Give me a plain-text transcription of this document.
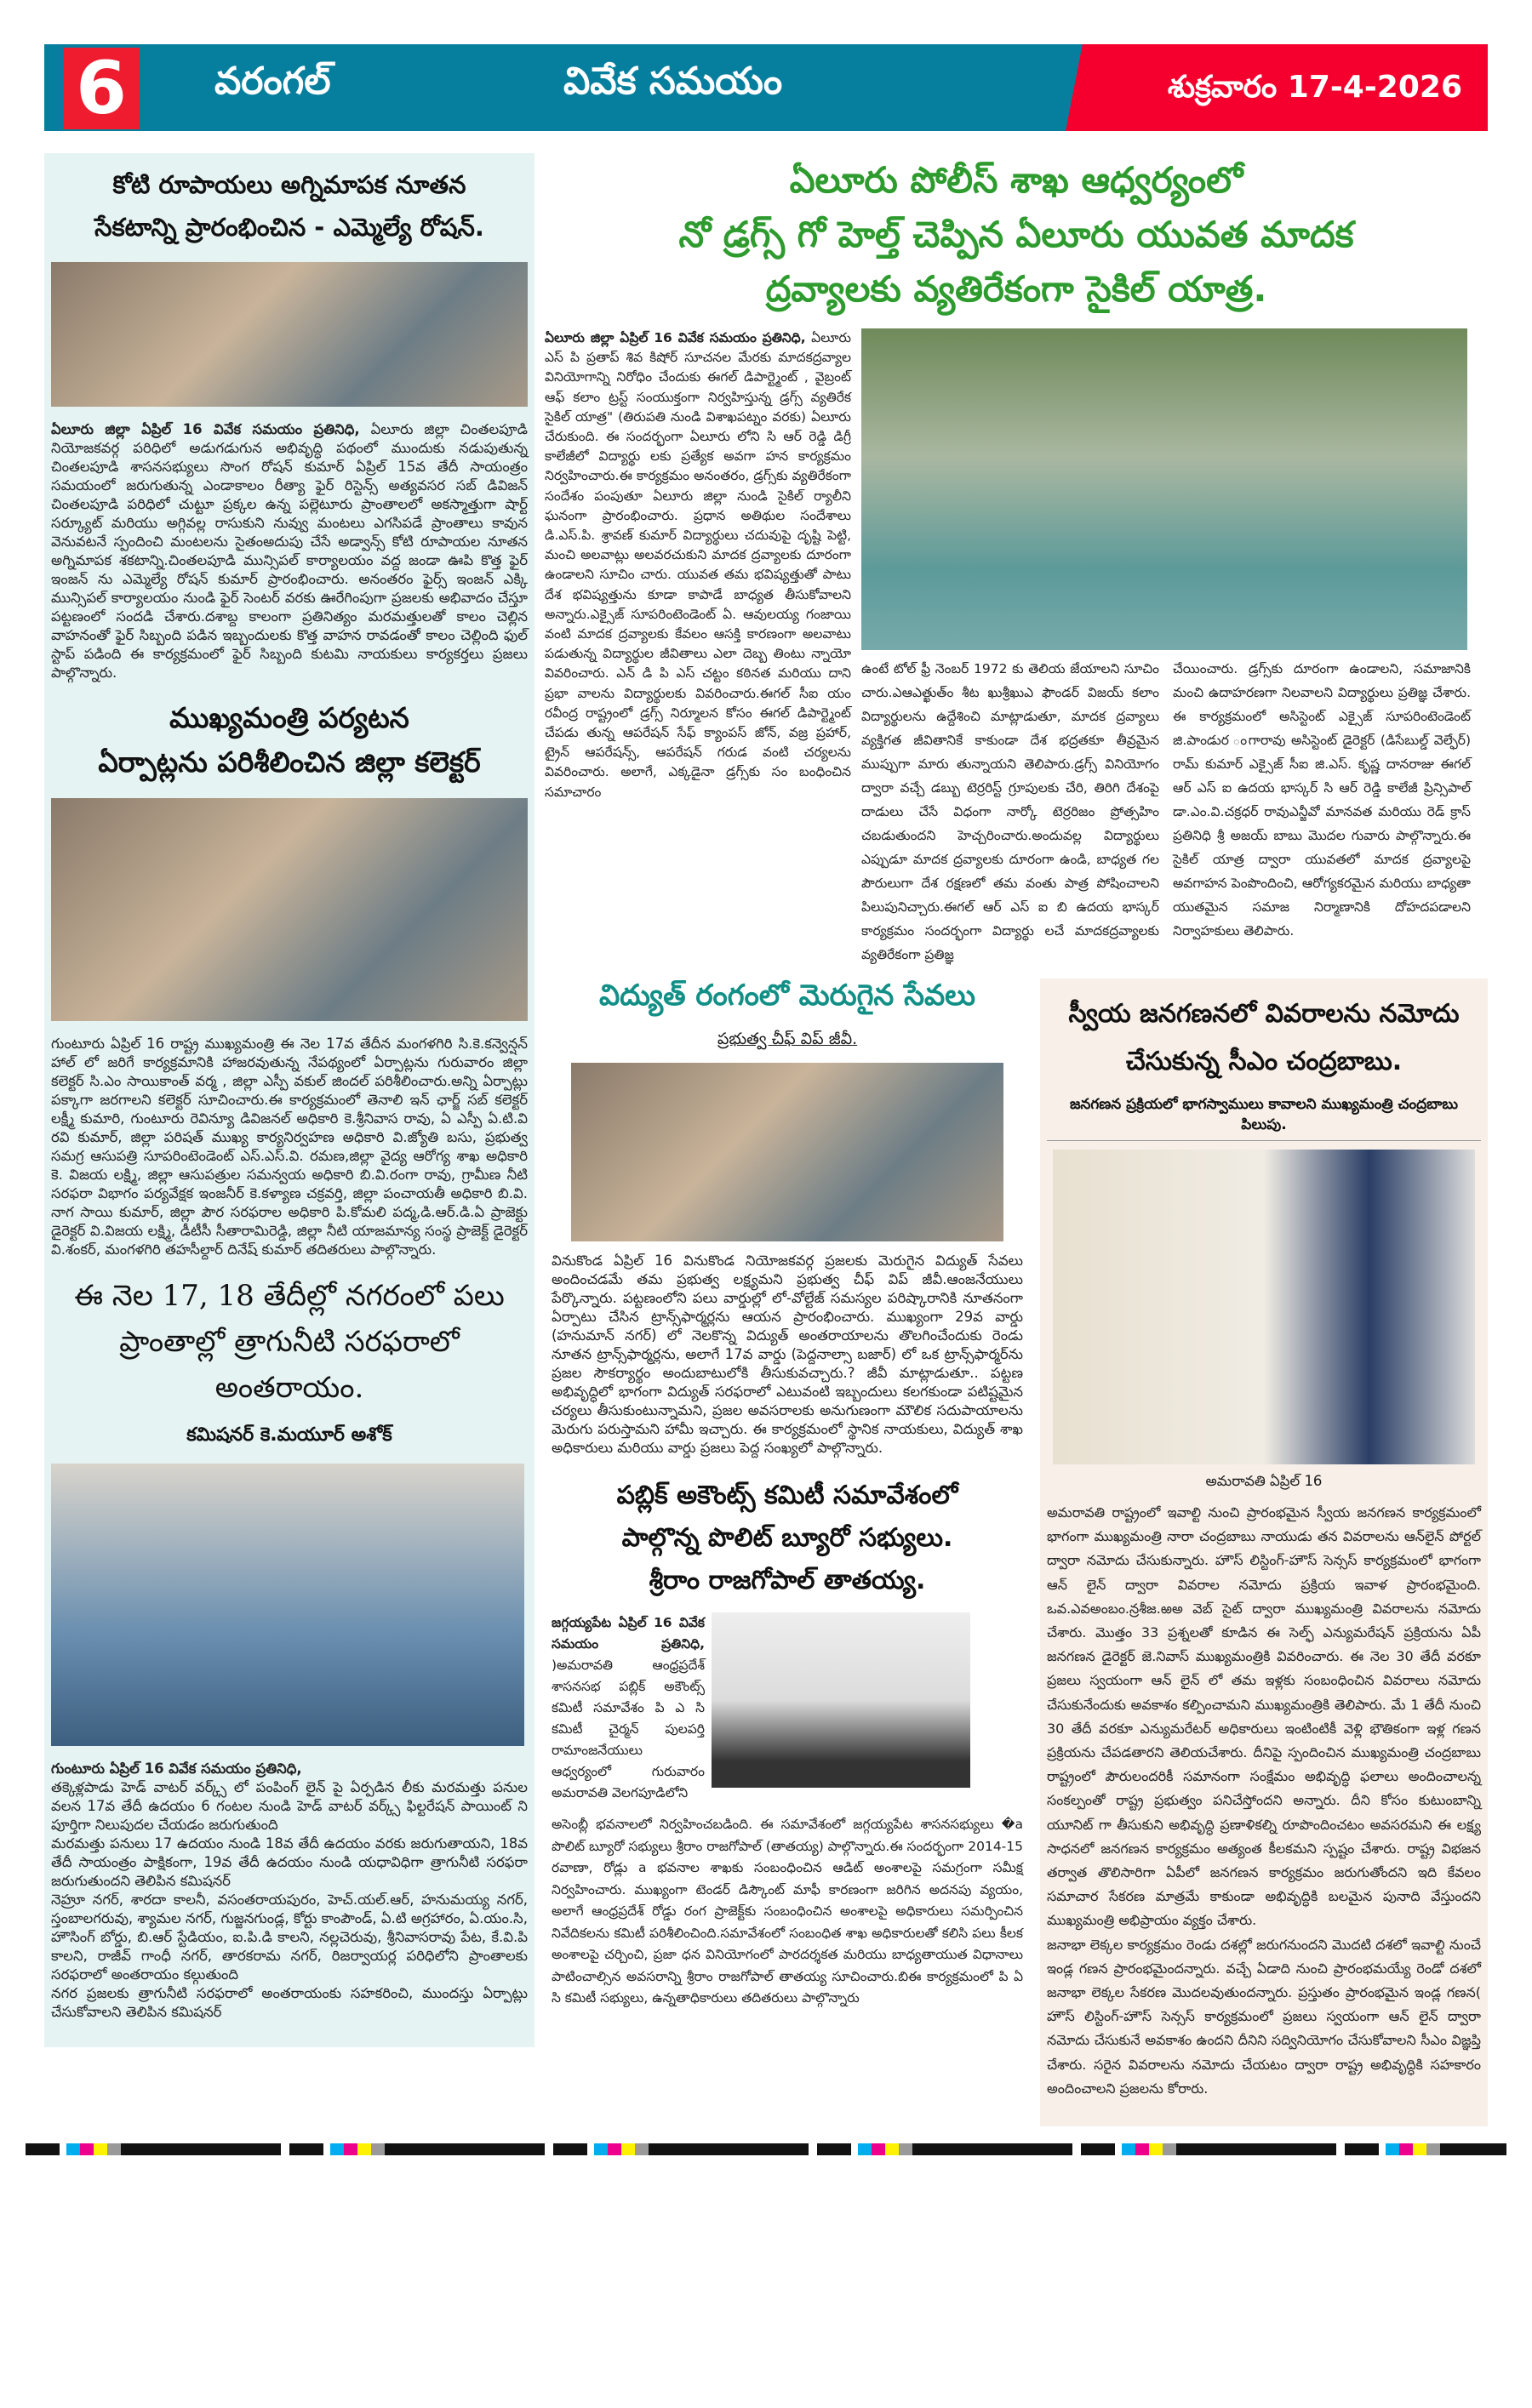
6	వరంగల్	వివేక సమయం	శుక్రవారం 17-4-2026
కోటి రూపాయలు అగ్నిమాపక నూతన
సేకటాన్ని ప్రారంభించిన - ఎమ్మెల్యే రోషన్.
ఏలూరు జిల్లా ఏప్రిల్ 16 వివేక సమయం ప్రతినిధి, ఏలూరు జిల్లా చింతలపూడి నియోజకవర్గ పరిధిలో అడుగడుగున అభివృద్ధి పథంలో ముందుకు నడుపుతున్న చింతలపూడి శాసనసభ్యులు సొంగ రోషన్ కుమార్ ఏప్రిల్ 15వ తేదీ సాయంత్రం సమయంలో జరుగుతున్న ఎండాకాలం రీత్యా ఫైర్ రిస్టెన్స్ అత్యవసర సబ్ డివిజన్ చింతలపూడి పరిధిలో చుట్టూ ప్రక్కల ఉన్న పల్లెటూరు ప్రాంతాలలో అకస్మాత్తుగా షార్ట్ సర్క్యూట్ మరియు అగ్గివల్ల రాసుకుని నువ్వు మంటలు ఎగసిపడే ప్రాంతాలు కావున వెనువటనే స్పందించి మంటలను సైతంఅదుపు చేసే అడ్వాన్స్ కోటి రూపాయల నూతన అగ్నిమాపక శకటాన్ని.చింతలపూడి మున్సిపల్ కార్యాలయం వద్ద జండా ఊపి కొత్త ఫైర్ ఇంజన్ ను ఎమ్మెల్యే రోషన్ కుమార్ ప్రారంభించారు. అనంతరం ఫైర్స్ ఇంజన్ ఎక్కి మున్సిపల్ కార్యాలయం నుండి ఫైర్ సెంటర్ వరకు ఊరేగింపుగా ప్రజలకు అభివాదం చేస్తూ పట్టణంలో సందడి చేశారు.దశాబ్ద కాలంగా ప్రతినిత్యం మరమత్తులతో కాలం చెల్లిన వాహనంతో ఫైర్ సిబ్బంది పడిన ఇబ్బందులకు కొత్త వాహన రావడంతో కాలం చెల్లింది ఫుల్ స్టాప్ పడింది ఈ కార్యక్రమంలో ఫైర్ సిబ్బంది కుటమి నాయకులు కార్యకర్తలు ప్రజలు పాల్గొన్నారు.
ముఖ్యమంత్రి పర్యటన
ఏర్పాట్లను పరిశీలించిన జిల్లా కలెక్టర్
గుంటూరు ఏప్రిల్ 16 రాష్ట్ర ముఖ్యమంత్రి ఈ నెల 17వ తేదీన మంగళగిరి సి.కె.కన్వెన్షన్ హాల్ లో జరిగే కార్యక్రమానికి హాజరవుతున్న నేపథ్యంలో ఏర్పాట్లను గురువారం జిల్లా కలెక్టర్ సి.ఎం సాయికాంత్ వర్మ , జిల్లా ఎస్పీ వకుల్ జిందల్ పరిశీలించారు.అన్ని ఏర్పాట్లు పక్కాగా జరగాలని కలెక్టర్ సూచించారు.ఈ కార్యక్రమంలో తెనాలి ఇన్ ఛార్జ్ సబ్ కలెక్టర్ లక్ష్మీ కుమారి, గుంటూరు రెవిన్యూ డివిజనల్ అధికారి కె.శ్రీనివాస రావు, ఏ ఎస్పీ ఏ.టి.వి రవి కుమార్, జిల్లా పరిషత్ ముఖ్య కార్యనిర్వహణ అధికారి వి.జ్యోతి బసు, ప్రభుత్వ సమగ్ర ఆసుపత్రి సూపరింటెండెంట్ ఎస్.ఎస్.వి. రమణ,జిల్లా వైద్య ఆరోగ్య శాఖ అధికారి కె. విజయ లక్ష్మి, జిల్లా ఆసుపత్రుల సమన్వయ అధికారి బి.వి.రంగా రావు, గ్రామీణ నీటి సరఫరా విభాగం పర్యవేక్షక ఇంజనీర్ కె.కళ్యాణ చక్రవర్తి, జిల్లా పంచాయతీ అధికారి బి.వి. నాగ సాయి కుమార్, జిల్లా పౌర సరఫరాల అధికారి పి.కోమలి పద్మ,డి.ఆర్.డి.ఏ ప్రాజెక్టు డైరెక్టర్ వి.విజయ లక్ష్మి, డీటీసీ సీతారామిరెడ్డి, జిల్లా నీటి యాజమాన్య సంస్థ ప్రాజెక్ట్ డైరెక్టర్ వి.శంకర్, మంగళగిరి తహసీల్దార్ దినేష్ కుమార్ తదితరులు పాల్గొన్నారు.
ఈ నెల 17, 18 తేదీల్లో నగరంలో పలు
ప్రాంతాల్లో త్రాగునీటి సరఫరాలో అంతరాయం.
కమిషనర్ కె.మయూర్ అశోక్

గుంటూరు ఏప్రిల్ 16 వివేక సమయం ప్రతినిధి,

తక్కెళ్లపాడు హెడ్ వాటర్ వర్క్స్ లో పంపింగ్ లైన్ పై ఏర్పడిన లీకు మరమత్తు పనుల వలన 17వ తేదీ ఉదయం 6 గంటల నుండి హెడ్ వాటర్ వర్క్స్ ఫిల్టరేషన్ పాయింట్ ని పూర్తిగా నిలుపుదల చేయడం జరుగుతుంది

మరమత్తు పనులు 17 ఉదయం నుండి 18వ తేదీ ఉదయం వరకు జరుగుతాయని, 18వ తేదీ సాయంత్రం పాక్షికంగా, 19వ తేదీ ఉదయం నుండి యధావిధిగా త్రాగునీటి సరఫరా జరుగుతుందని తెలిపిన కమిషనర్

నెహ్రూ నగర్, శారదా కాలనీ, వసంతరాయపురం, హెచ్.యల్.ఆర్, హనుమయ్య నగర్, స్తంబాలగరువు, శ్యామల నగర్, గుజ్జనగుండ్ల, కోర్టు కాంపౌండ్, ఏ.టి అగ్రహారం, ఏ.యం.సి, హౌసింగ్ బోర్డు, బి.ఆర్ స్టేడియం, ఐ.పి.డి కాలని, నల్లచెరువు, శ్రీనివాసరావు పేట, కే.వి.పి కాలని, రాజీవ్ గాంధీ నగర్, తారకరామ నగర్, రిజర్వాయర్ల పరిధిలోని ప్రాంతాలకు సరఫరాలో అంతరాయం కల్గుతుంది

నగర ప్రజలకు త్రాగునీటి సరఫరాలో అంతరాయంకు సహకరించి, ముందస్తు ఏర్పాట్లు చేసుకోవాలని తెలిపిన కమిషనర్

ఏలూరు పోలీస్ శాఖ ఆధ్వర్యంలో
నో డ్రగ్స్ గో హెల్త్ చెప్పిన ఏలూరు యువత మాదక
ద్రవ్యాలకు వ్యతిరేకంగా సైకిల్ యాత్ర.
ఏలూరు జిల్లా ఏప్రిల్ 16 వివేక సమయం ప్రతినిధి, ఏలూరు ఎస్ పి ప్రతాప్ శివ కిషోర్ సూచనల మేరకు మాదకద్రవ్యాల వినియోగాన్ని నిరోధిం చేందుకు ఈగల్ డిపార్ట్మెంట్ , వైబ్రంట్ ఆఫ్ కలాం ట్రస్ట్ సంయుక్తంగా నిర్వహిస్తున్న డ్రగ్స్ వ్యతిరేక సైకిల్ యాత్ర" (తిరుపతి నుండి విశాఖపట్నం వరకు) ఏలూరు చేరుకుంది. ఈ సందర్భంగా ఏలూరు లోని సి ఆర్ రెడ్డి డిగ్రీ కాలేజీలో విద్యార్థు లకు ప్రత్యేక అవగా హన కార్యక్రమం నిర్వహించారు.ఈ కార్యక్రమం అనంతరం, డ్రగ్స్‌కు వ్యతిరేకంగా సందేశం పంపుతూ ఏలూరు జిల్లా నుండి సైకిల్ ర్యాలీని ఘనంగా ప్రారంభించారు. ప్రధాన అతిథుల సందేశాలు డి.ఎస్.పి. శ్రావణ్ కుమార్ విద్యార్థులు చదువుపై దృష్టి పెట్టి, మంచి అలవాట్లు అలవరచుకుని మాదక ద్రవ్యాలకు దూరంగా ఉండాలని సూచిం చారు. యువత తమ భవిష్యత్తుతో పాటు దేశ భవిష్యత్తును కూడా కాపాడే బాధ్యత తీసుకోవాలని అన్నారు.ఎక్సైజ్ సూపరింటెండెంట్ ఏ. ఆవులయ్య గంజాయి వంటి మాదక ద్రవ్యాలకు కేవలం ఆసక్తి కారణంగా అలవాటు పడుతున్న విద్యార్థుల జీవితాలు ఎలా దెబ్బ తింటు న్నాయో వివరించారు. ఎన్ డి పి ఎస్ చట్టం కఠినత మరియు దాని ప్రభా వాలను విద్యార్థులకు వివరించారు.ఈగల్ సీఐ యం రవీంద్ర రాష్ట్రంలో డ్రగ్స్ నిర్మూలన కోసం ఈగల్ డిపార్ట్మెంట్ చేపడు తున్న ఆపరేషన్ సేఫ్ క్యాంపస్ జోన్, వజ్ర ప్రహార్, ట్రైన్ ఆపరేషన్స్, ఆపరేషన్ గరుడ వంటి చర్యలను వివరించారు. అలాగే, ఎక్కడైనా డ్రగ్స్‌కు సం బంధించిన సమాచారం
ఉంటే టోల్ ఫ్రీ నెంబర్ 1972 కు తెలియ జేయాలని సూచిం చారు.ఎఆఎత్ఖుత్ం శీట ఖుశ్రీఖుఎ ఫౌండర్ విజయ్ కలాం విద్యార్థులను ఉద్దేశించి మాట్లాడుతూ, మాదక ద్రవ్యాలు వ్యక్తిగత జీవితానికే కాకుండా దేశ భద్రతకూ తీవ్రమైన ముప్పుగా మారు తున్నాయని తెలిపారు.డ్రగ్స్ వినియోగం ద్వారా వచ్చే డబ్బు టెర్రరిస్ట్ గ్రూపులకు చేరి, తిరిగి దేశంపై దాడులు చేసే విధంగా నార్కో టెర్రరిజం ప్రోత్సహిం చబడుతుందని హెచ్చరించారు.అందువల్ల విద్యార్థులు ఎప్పుడూ మాదక ద్రవ్యాలకు దూరంగా ఉండి, బాధ్యత గల పౌరులుగా దేశ రక్షణలో తమ వంతు పాత్ర పోషించాలని పిలుపునిచ్చారు.ఈగల్ ఆర్ ఎస్ ఐ బి ఉదయ భాస్కర్ కార్యక్రమం సందర్భంగా విద్యార్థు లచే మాదకద్రవ్యాలకు వ్యతిరేకంగా ప్రతిజ్ఞ
చేయించారు. డ్రగ్స్‌కు దూరంగా ఉండాలని, సమాజానికి మంచి ఉదాహరణగా నిలవాలని విద్యార్థులు ప్రతిజ్ఞ చేశారు. ఈ కార్యక్రమంలో అసిస్టెంట్ ఎక్సైజ్ సూపరింటెండెంట్ జి.పాండుర ంగారావు అసిస్టెంట్ డైరెక్టర్ (డిసేబుల్డ్ వెల్ఫేర్) రామ్ కుమార్ ఎక్సైజ్ సీఐ జి.ఎస్. కృష్ణ దానరాజు ఈగల్ ఆర్ ఎస్ ఐ ఉదయ భాస్కర్ సి ఆర్ రెడ్డి కాలేజీ ప్రిన్సిపాల్ డా.ఎం.వి.చక్రధర్ రావుఎన్జీవో మానవత మరియు రెడ్ క్రాస్ ప్రతినిధి శ్రీ అజయ్ బాబు మొదల గువారు పాల్గొన్నారు.ఈ సైకిల్ యాత్ర ద్వారా యువతలో మాదక ద్రవ్యాలపై అవగాహన పెంపొందించి, ఆరోగ్యకరమైన మరియు బాధ్యతా యుతమైన సమాజ నిర్మాణానికి దోహదపడాలని నిర్వాహకులు తెలిపారు.
విద్యుత్ రంగంలో మెరుగైన సేవలు
ప్రభుత్వ చీఫ్ విప్ జీవీ.
వినుకొండ ఏప్రిల్ 16 వినుకొండ నియోజకవర్గ ప్రజలకు మెరుగైన విద్యుత్ సేవలు అందించడమే తమ ప్రభుత్వ లక్ష్యమని ప్రభుత్వ చీఫ్ విప్ జీవీ.ఆంజనేయులు పేర్కొన్నారు. పట్టణంలోని పలు వార్డుల్లో లో-వోల్టేజ్ సమస్యల పరిష్కారానికి నూతనంగా ఏర్పాటు చేసిన ట్రాన్స్‌ఫార్మర్లను ఆయన ప్రారంభించారు. ముఖ్యంగా 29వ వార్డు (హనుమాన్ నగర్) లో నెలకొన్న విద్యుత్ అంతరాయాలను తొలగించేందుకు రెండు నూతన ట్రాన్స్‌ఫార్మర్లను, అలాగే 17వ వార్డు (పెద్దనాల్సా బజార్) లో ఒక ట్రాన్స్‌ఫార్మర్‌ను ప్రజల సౌకర్యార్థం అందుబాటులోకి తీసుకువచ్చారు.? జీవీ మాట్లాడుతూ.. పట్టణ అభివృద్ధిలో భాగంగా విద్యుత్ సరఫరాలో ఎటువంటి ఇబ్బందులు కలగకుండా పటిష్టమైన చర్యలు తీసుకుంటున్నామని, ప్రజల అవసరాలకు అనుగుణంగా మౌలిక సదుపాయాలను మెరుగు పరుస్తామని హామీ ఇచ్చారు. ఈ కార్యక్రమంలో స్థానిక నాయకులు, విద్యుత్ శాఖ అధికారులు మరియు వార్డు ప్రజలు పెద్ద సంఖ్యలో పాల్గొన్నారు.
పబ్లిక్ అకౌంట్స్ కమిటీ సమావేశంలో
పాల్గొన్న పొలిట్ బ్యూరో సభ్యులు.
శ్రీరాం రాజగోపాల్ తాతయ్య.
జగ్గయ్యపేట ఏప్రిల్ 16 వివేక సమయం ప్రతినిధి, )అమరావతి ఆంధ్రప్రదేశ్ శాసనసభ పబ్లిక్ అకౌంట్స్ కమిటీ సమావేశం పి ఎ సి కమిటీ చైర్మన్ పులపర్తి రామాంజనేయులు ఆధ్వర్యంలో గురువారం అమరావతి వెలగపూడిలోని
అసెంబ్లీ భవనాలలో నిర్వహించబడింది. ఈ సమావేశంలో జగ్గయ్యపేట శాసనసభ్యులు �a పొలిట్ బ్యూరో సభ్యులు శ్రీరాం రాజగోపాల్ (తాతయ్య) పాల్గొన్నారు.ఈ సందర్భంగా 2014-15 రవాణా, రోడ్లు a భవనాల శాఖకు సంబంధించిన ఆడిట్ అంశాలపై సమగ్రంగా సమీక్ష నిర్వహించారు. ముఖ్యంగా టెండర్ డిస్కౌంట్ మాఫీ కారణంగా జరిగిన అదనపు వ్యయం, అలాగే ఆంధ్రప్రదేశ్ రోడ్డు రంగ ప్రాజెక్ట్‌కు సంబంధించిన అంశాలపై అధికారులు సమర్పించిన నివేదికలను కమిటీ పరిశీలించింది.సమావేశంలో సంబంధిత శాఖ అధికారులతో కలిసి పలు కీలక అంశాలపై చర్చించి, ప్రజా ధన వినియోగంలో పారదర్శకత మరియు బాధ్యతాయుత విధానాలు పాటించాల్సిన అవసరాన్ని శ్రీరాం రాజగోపాల్ తాతయ్య సూచించారు.బిఈ కార్యక్రమంలో పి ఏ సి కమిటీ సభ్యులు, ఉన్నతాధికారులు తదితరులు పాల్గొన్నారు
స్వీయ జనగణనలో వివరాలను నమోదు
చేసుకున్న సీఎం చంద్రబాబు.
జనగణన ప్రక్రియలో భాగస్వాములు కావాలని ముఖ్యమంత్రి చంద్రబాబు పిలుపు.
అమరావతి ఏప్రిల్ 16

అమరావతి రాష్ట్రంలో ఇవాల్టి నుంచి ప్రారంభమైన స్వీయ జనగణన కార్యక్రమంలో భాగంగా ముఖ్యమంత్రి నారా చంద్రబాబు నాయుడు తన వివరాలను ఆన్‌లైన్ పోర్టల్ ద్వారా నమోదు చేసుకున్నారు. హౌస్ లిస్టింగ్-హౌస్ సెన్సస్ కార్యక్రమంలో భాగంగా ఆన్ లైన్ ద్వారా వివరాల నమోదు ప్రక్రియ ఇవాళ ప్రారంభమైంది. ఒవ.ఎవఅంబం.న్రశీజ.ఱఅ వెబ్ సైట్ ద్వారా ముఖ్యమంత్రి వివరాలను నమోదు చేశారు. మొత్తం 33 ప్రశ్నలతో కూడిన ఈ సెల్ఫ్ ఎన్యుమరేషన్ ప్రక్రియను ఏపీ జనగణన డైరెక్టర్ జె.నివాస్ ముఖ్యమంత్రికి వివరించారు. ఈ నెల 30 తేదీ వరకూ ప్రజలు స్వయంగా ఆన్ లైన్ లో తమ ఇళ్లకు సంబంధించిన వివరాలు నమోదు చేసుకునేందుకు అవకాశం కల్పించామని ముఖ్యమంత్రికి తెలిపారు. మే 1 తేదీ నుంచి 30 తేదీ వరకూ ఎన్యుమరేటర్ అధికారులు ఇంటింటికీ వెళ్లి భౌతికంగా ఇళ్ల గణన ప్రక్రియను చేపడతారని తెలియచేశారు. దీనిపై స్పందించిన ముఖ్యమంత్రి చంద్రబాబు రాష్ట్రంలో పౌరులందరికీ సమానంగా సంక్షేమం అభివృద్ధి ఫలాలు అందించాలన్న సంకల్పంతో రాష్ట్ర ప్రభుత్వం పనిచేస్తోందని అన్నారు. దీని కోసం కుటుంబాన్ని యూనిట్ గా తీసుకుని అభివృద్ధి ప్రణాళికల్ని రూపొందించటం అవసరమని ఈ లక్ష్య సాధనలో జనగణన కార్యక్రమం అత్యంత కీలకమని స్పష్టం చేశారు. రాష్ట్ర విభజన తర్వాత తొలిసారిగా ఏపీలో జనగణన కార్యక్రమం జరుగుతోందని ఇది కేవలం సమాచార సేకరణ మాత్రమే కాకుండా అభివృద్ధికి బలమైన పునాది వేస్తుందని ముఖ్యమంత్రి అభిప్రాయం వ్యక్తం చేశారు.

జనాభా లెక్కల కార్యక్రమం రెండు దశల్లో జరుగనుందని మొదటి దశలో ఇవాల్టి నుంచే ఇండ్ల గణన ప్రారంభమైందన్నారు. వచ్చే ఏడాది నుంచి ప్రారంభమయ్యే రెండో దశలో జనాభా లెక్కల సేకరణ మొదలవుతుందన్నారు. ప్రస్తుతం ప్రారంభమైన ఇండ్ల గణన( హౌస్ లిస్టింగ్-హౌస్ సెన్సస్ కార్యక్రమంలో ప్రజలు స్వయంగా ఆన్ లైన్ ద్వారా నమోదు చేసుకునే అవకాశం ఉందని దీనిని సద్వినియోగం చేసుకోవాలని సీఎం విజ్ఞప్తి చేశారు. సరైన వివరాలను నమోదు చేయటం ద్వారా రాష్ట్ర అభివృద్ధికి సహకారం అందించాలని ప్రజలను కోరారు.
